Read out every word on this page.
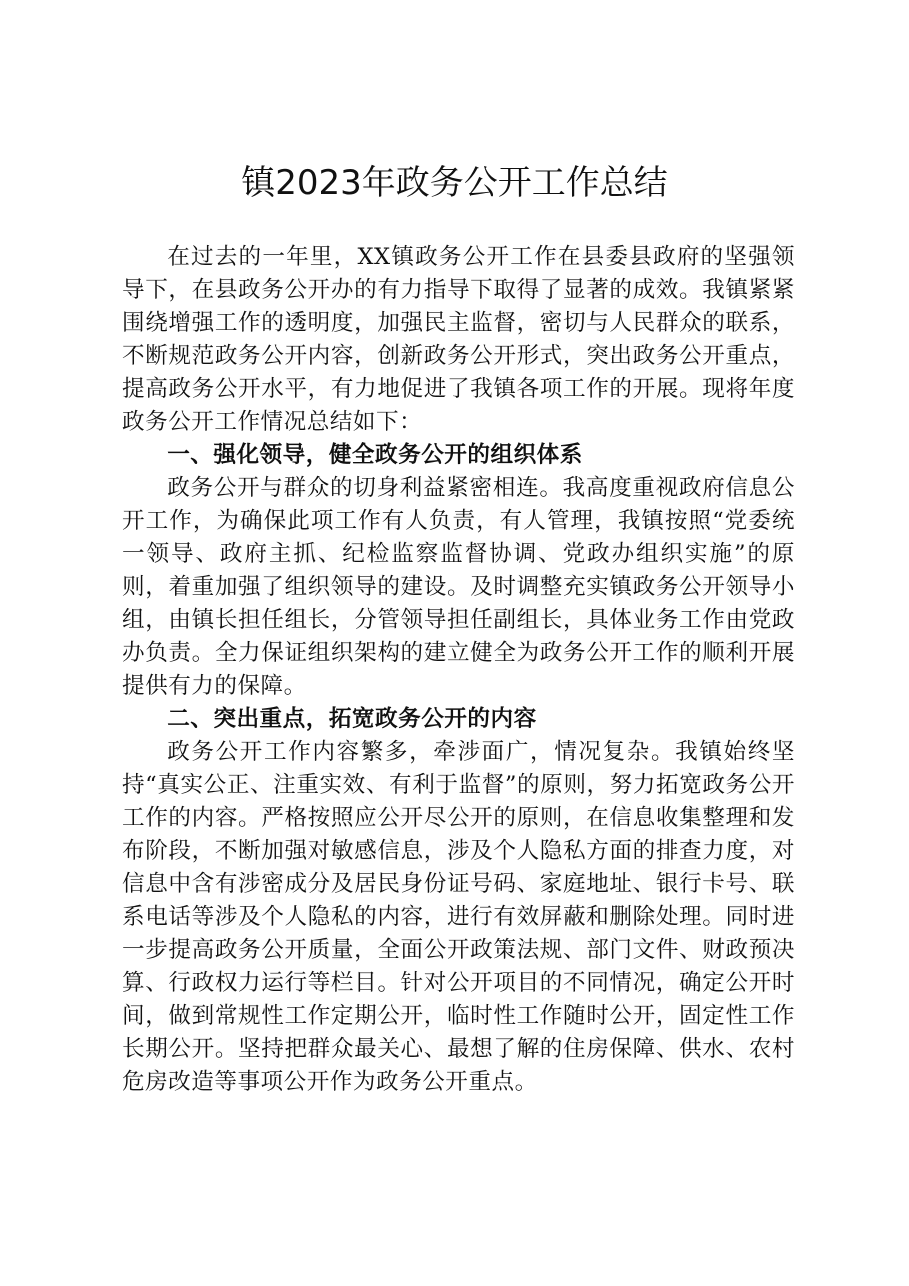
镇2023年政务公开工作总结

在过去的一年里，XX镇政务公开工作在县委县政府的坚强领导下，在县政务公开办的有力指导下取得了显著的成效。我镇紧紧围绕增强工作的透明度，加强民主监督，密切与人民群众的联系，不断规范政务公开内容，创新政务公开形式，突出政务公开重点，提高政务公开水平，有力地促进了我镇各项工作的开展。现将年度政务公开工作情况总结如下：

一、强化领导，健全政务公开的组织体系

政务公开与群众的切身利益紧密相连。我高度重视政府信息公开工作，为确保此项工作有人负责，有人管理，我镇按照“党委统一领导、政府主抓、纪检监察监督协调、党政办组织实施”的原则，着重加强了组织领导的建设。及时调整充实镇政务公开领导小组，由镇长担任组长，分管领导担任副组长，具体业务工作由党政办负责。全力保证组织架构的建立健全为政务公开工作的顺利开展提供有力的保障。

二、突出重点，拓宽政务公开的内容

政务公开工作内容繁多，牵涉面广，情况复杂。我镇始终坚持“真实公正、注重实效、有利于监督”的原则，努力拓宽政务公开工作的内容。严格按照应公开尽公开的原则，在信息收集整理和发布阶段，不断加强对敏感信息，涉及个人隐私方面的排查力度，对信息中含有涉密成分及居民身份证号码、家庭地址、银行卡号、联系电话等涉及个人隐私的内容，进行有效屏蔽和删除处理。同时进一步提高政务公开质量，全面公开政策法规、部门文件、财政预决算、行政权力运行等栏目。针对公开项目的不同情况，确定公开时间，做到常规性工作定期公开，临时性工作随时公开，固定性工作长期公开。坚持把群众最关心、最想了解的住房保障、供水、农村危房改造等事项公开作为政务公开重点。
